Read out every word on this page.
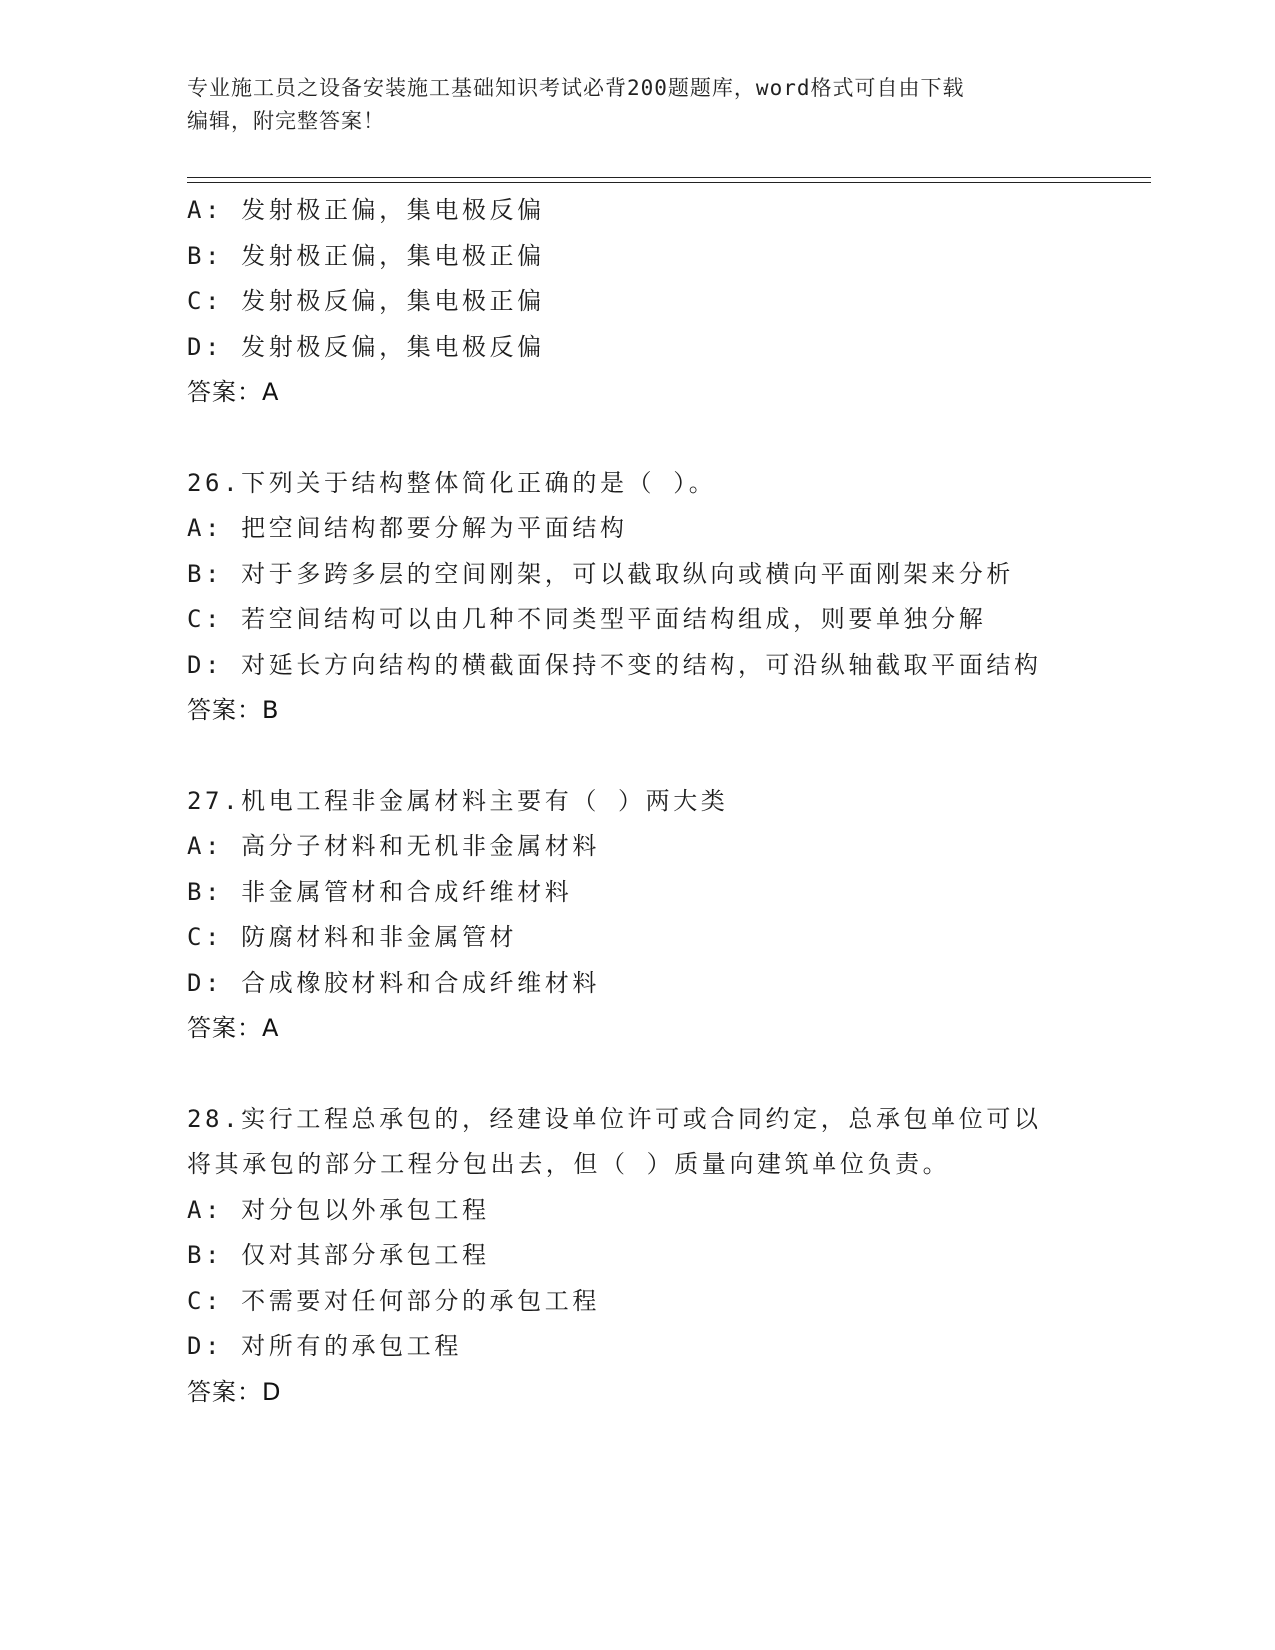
专业施工员之设备安装施工基础知识考试必背200题题库，word格式可自由下载
编辑，附完整答案！
A: 发射极正偏，集电极反偏
B: 发射极正偏，集电极正偏
C: 发射极反偏，集电极正偏
D: 发射极反偏，集电极反偏
答案：A
26.下列关于结构整体简化正确的是（ ）。
A: 把空间结构都要分解为平面结构
B: 对于多跨多层的空间刚架，可以截取纵向或横向平面刚架来分析
C: 若空间结构可以由几种不同类型平面结构组成，则要单独分解
D: 对延长方向结构的横截面保持不变的结构，可沿纵轴截取平面结构
答案：B
27.机电工程非金属材料主要有（ ）两大类
A: 高分子材料和无机非金属材料
B: 非金属管材和合成纤维材料
C: 防腐材料和非金属管材
D: 合成橡胶材料和合成纤维材料
答案：A
28.实行工程总承包的，经建设单位许可或合同约定，总承包单位可以
将其承包的部分工程分包出去，但（ ）质量向建筑单位负责。
A: 对分包以外承包工程
B: 仅对其部分承包工程
C: 不需要对任何部分的承包工程
D: 对所有的承包工程
答案：D
